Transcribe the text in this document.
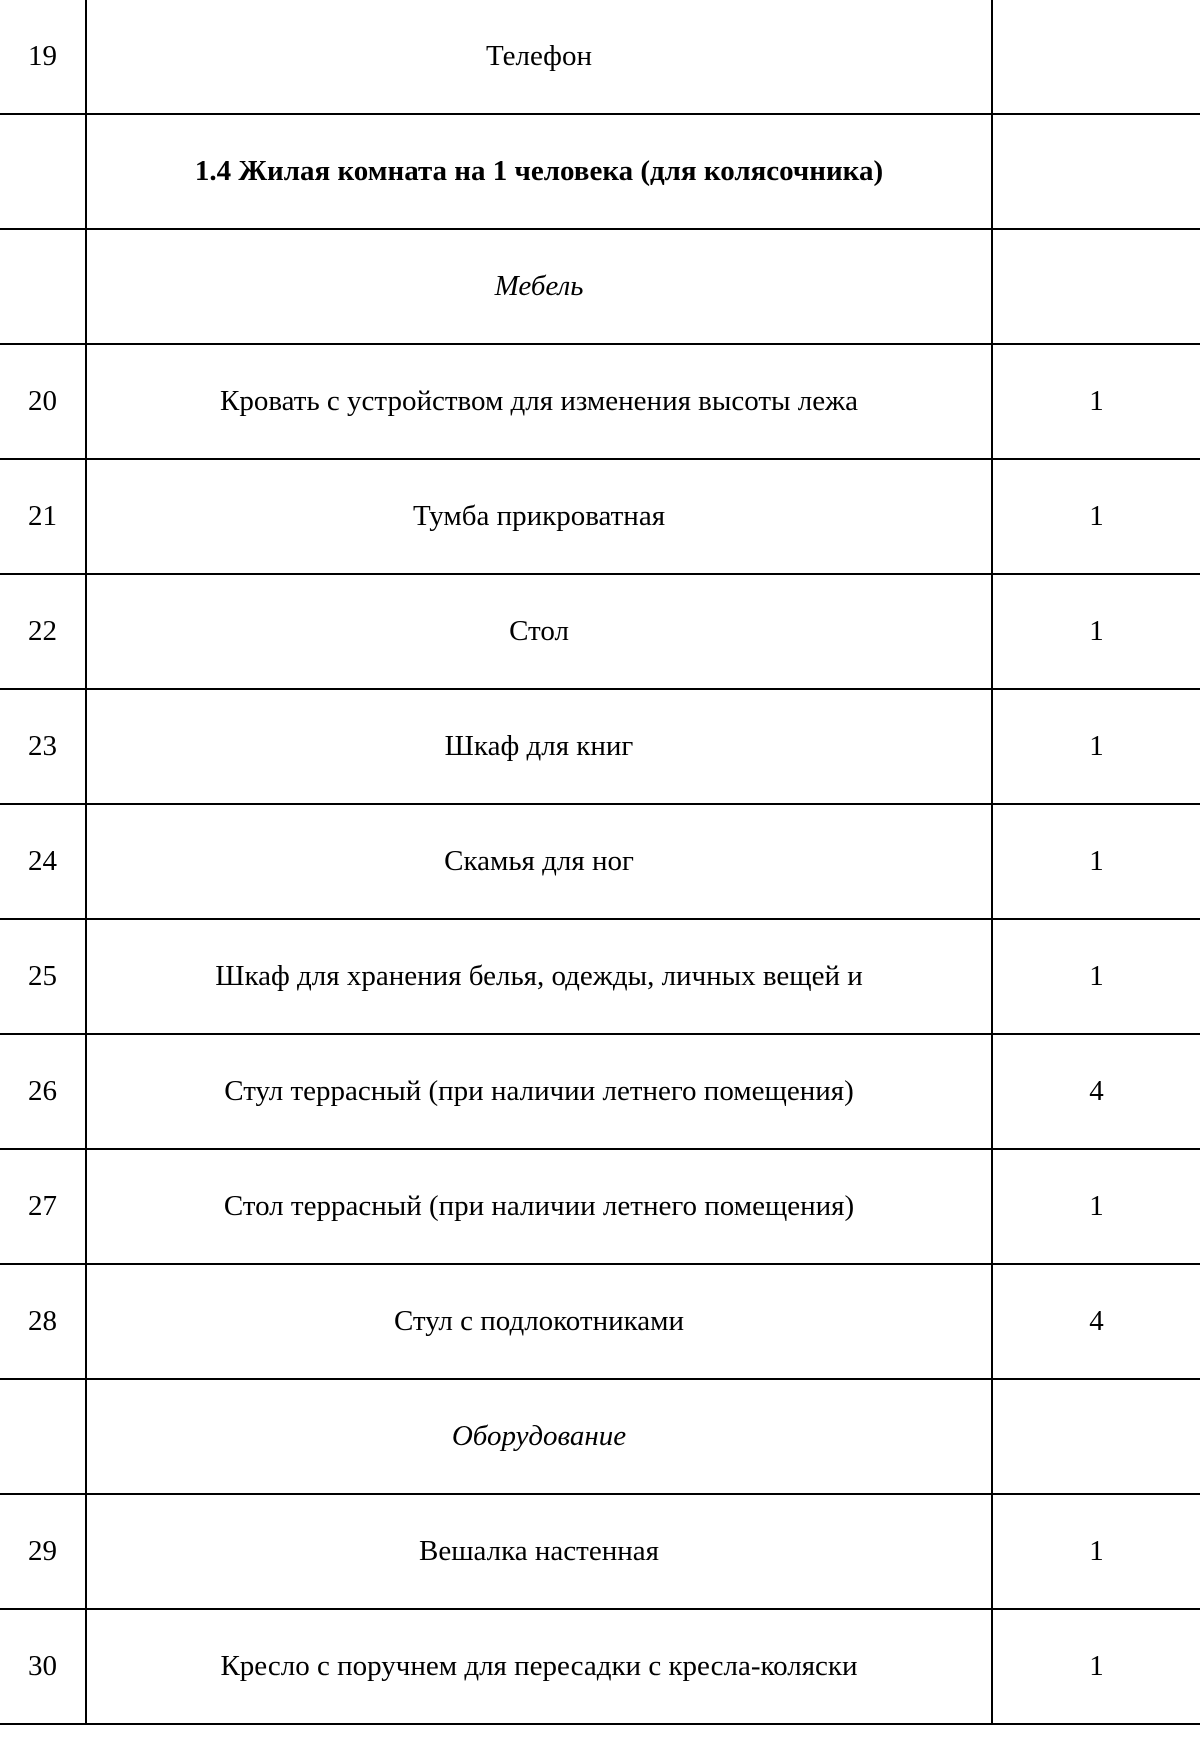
19	Телефон	
	1.4 Жилая комната на 1 человека (для колясочника)	
	Мебель	
20	Кровать с устройством для изменения высоты лежа	1
21	Тумба прикроватная	1
22	Стол	1
23	Шкаф для книг	1
24	Скамья для ног	1
25	Шкаф для хранения белья, одежды, личных вещей и	1
26	Стул террасный (при наличии летнего помещения)	4
27	Стол террасный (при наличии летнего помещения)	1
28	Стул с подлокотниками	4
	Оборудование	
29	Вешалка настенная	1
30	Кресло с поручнем для пересадки с кресла-коляски	1
